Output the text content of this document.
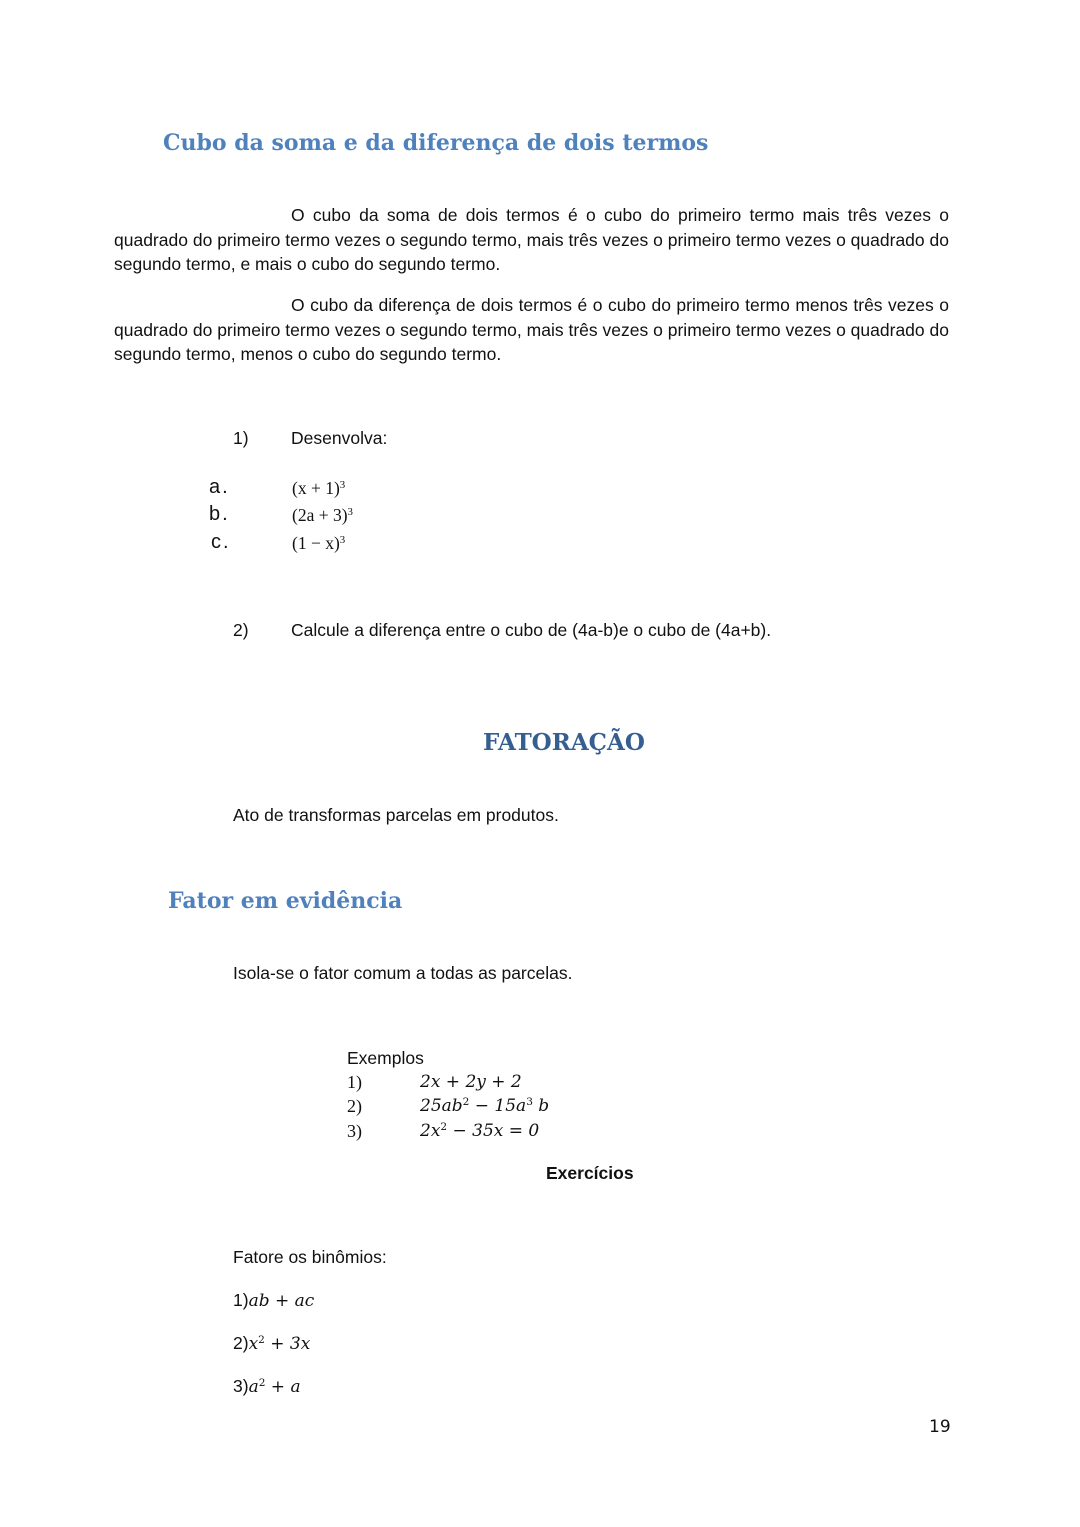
Cubo da soma e da diferença de dois termos
O cubo da soma de dois termos é o cubo do primeiro termo mais três vezes o quadrado do primeiro termo vezes o segundo termo, mais três vezes o primeiro termo vezes o quadrado do segundo termo, e mais o cubo do segundo termo.
O cubo da diferença de dois termos é o cubo do primeiro termo menos três vezes o quadrado do primeiro termo vezes o segundo termo, mais três vezes o primeiro termo vezes o quadrado do segundo termo, menos o cubo do segundo termo.
1) Desenvolva:
a.	$(x + 1)^3$
b.	$(2a + 3)^3$
c.	$(1 - x)^3$
2) Calcule a diferença entre o cubo de (4a-b)e o cubo de (4a+b).
FATORAÇÃO
Ato de transformas parcelas em produtos.
Fator em evidência
Isola-se o fator comum a todas as parcelas.
Exemplos
1)	2x + 2y + 2
2)	$25ab^2 - 15a^3$ b
3)	$2x^2 - 35x = 0$
Exercícios
Fatore os binômios:
1)ab + ac
$2)x^2 + 3x$
$3)a^2 + a$
19
